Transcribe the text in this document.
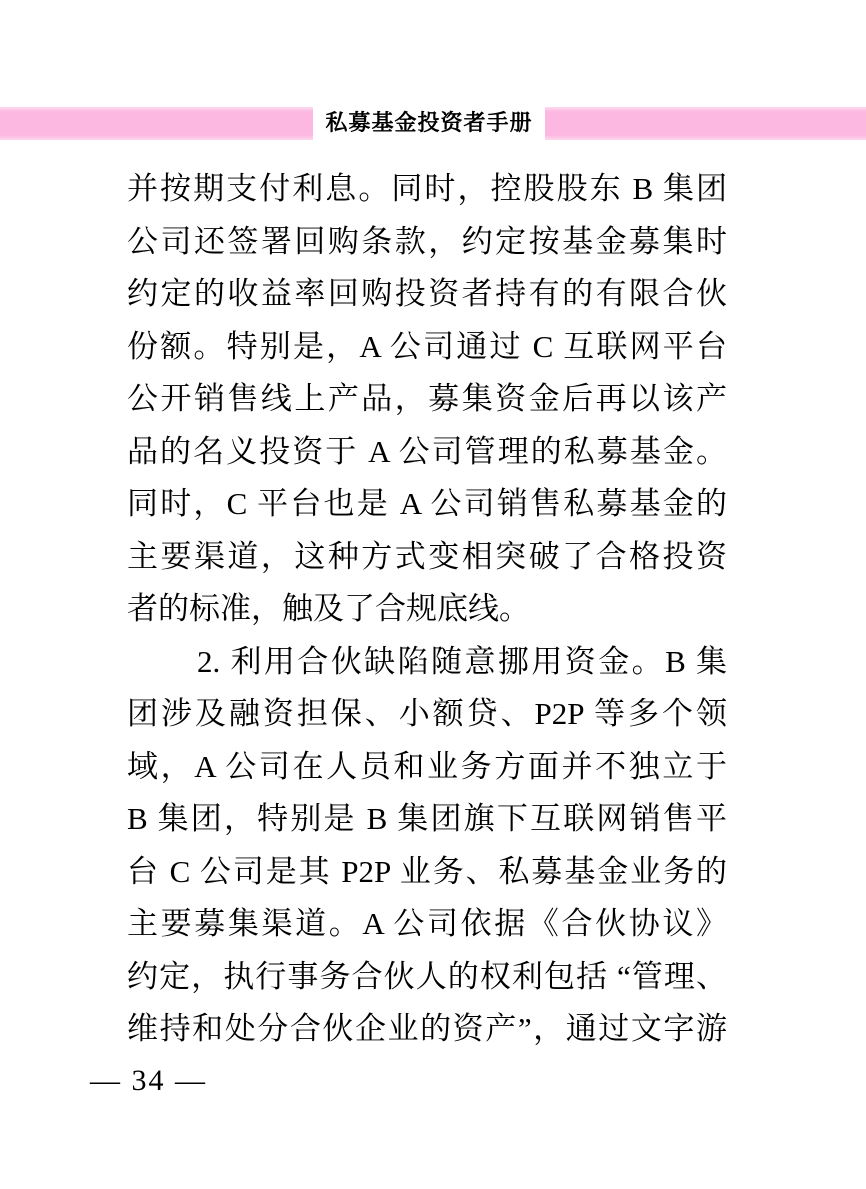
私募基金投资者手册
并按期支付利息。同时，控股股东 B 集团
公司还签署回购条款，约定按基金募集时
约定的收益率回购投资者持有的有限合伙
份额。特别是，A 公司通过 C 互联网平台
公开销售线上产品，募集资金后再以该产
品的名义投资于 A 公司管理的私募基金。
同时，C 平台也是 A 公司销售私募基金的
主要渠道，这种方式变相突破了合格投资
者的标准，触及了合规底线。
2. 利用合伙缺陷随意挪用资金。B 集
团涉及融资担保、小额贷、P2P 等多个领
域，A 公司在人员和业务方面并不独立于
B 集团，特别是 B 集团旗下互联网销售平
台 C 公司是其 P2P 业务、私募基金业务的
主要募集渠道。A 公司依据《合伙协议》
约定，执行事务合伙人的权利包括 “管理、
维持和处分合伙企业的资产”，通过文字游
— 34 —
